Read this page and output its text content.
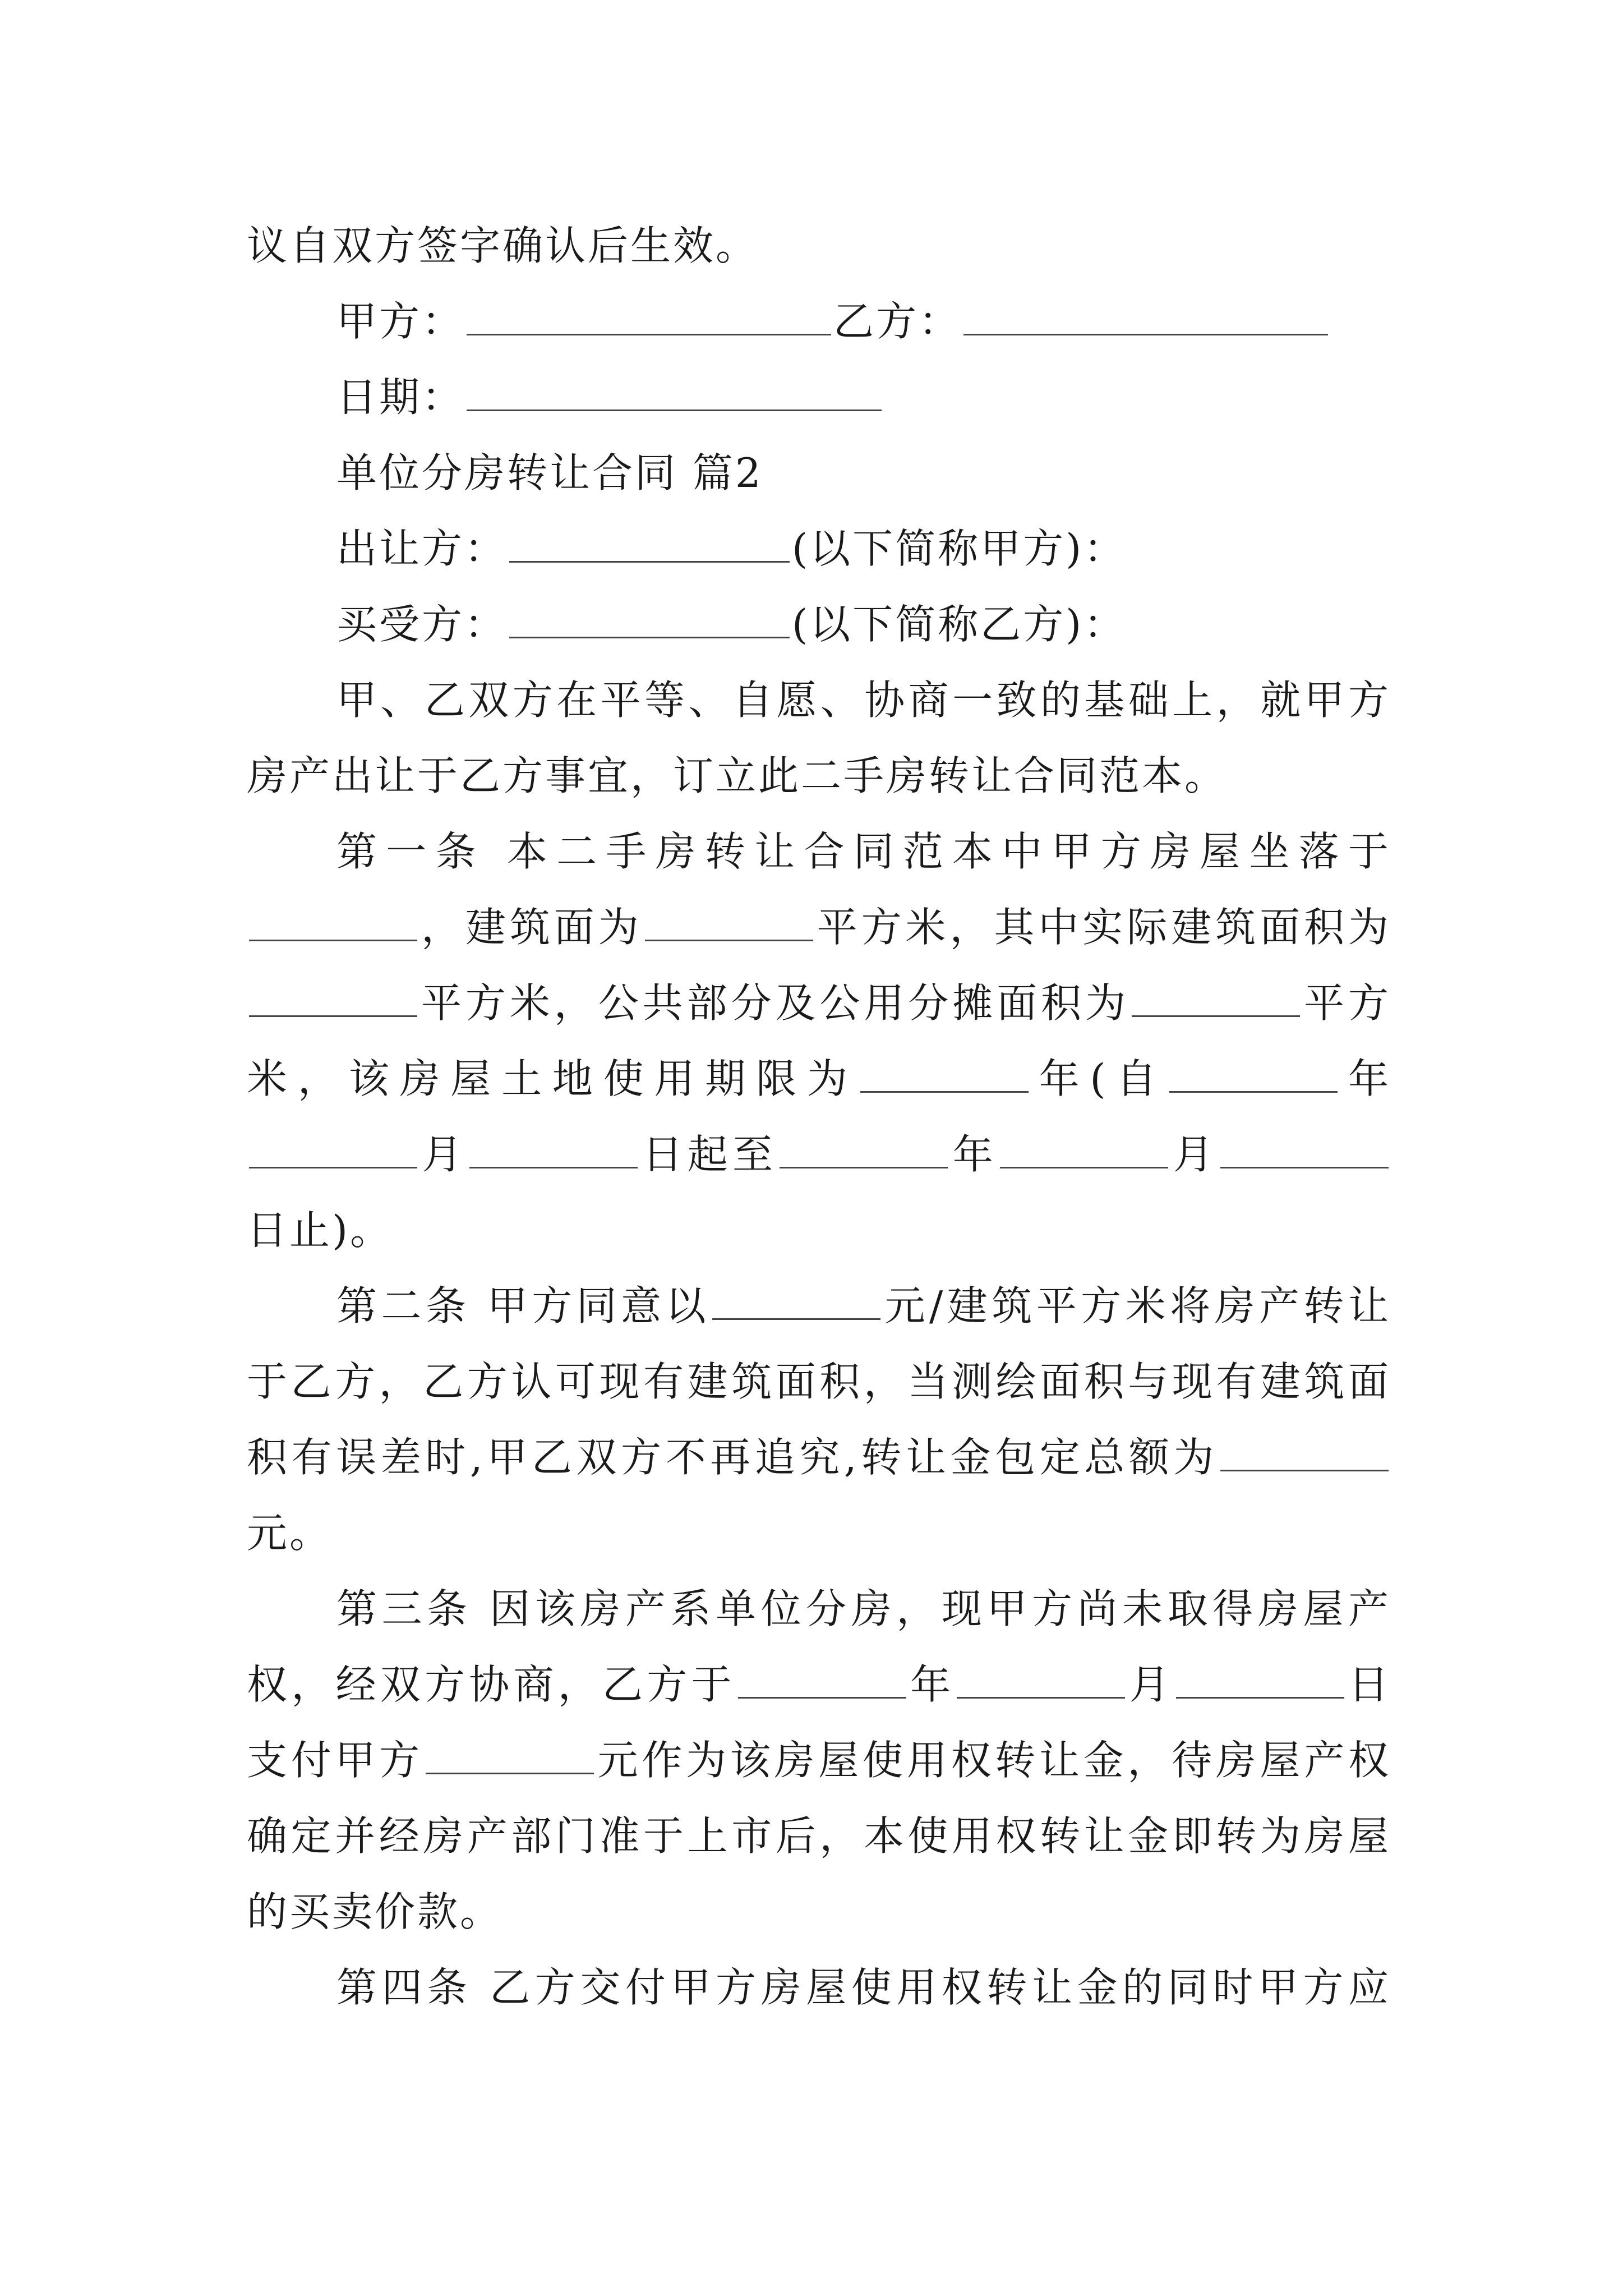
议自双方签字确认后生效。
甲方：	乙方：
日期：
单位分房转让合同 篇2
出让方：	(以下简称甲方)：
买受方：	(以下简称乙方)：
甲、乙双方在平等、自愿、协商一致的基础上，就甲方
房产出让于乙方事宜，订立此二手房转让合同范本。
第一条 本二手房转让合同范本中甲方房屋坐落于
，建筑面为	平方米，其中实际建筑面积为
平方米，公共部分及公用分摊面积为	平方
米，该房屋土地使用期限为	年(自	年
月	日起至	年	月
日止)。
第二条 甲方同意以	元/建筑平方米将房产转让
于乙方，乙方认可现有建筑面积，当测绘面积与现有建筑面
积有误差时,甲乙双方不再追究,转让金包定总额为
元。
第三条 因该房产系单位分房，现甲方尚未取得房屋产
权，经双方协商，乙方于	年	月	日
支付甲方	元作为该房屋使用权转让金，待房屋产权
确定并经房产部门准于上市后，本使用权转让金即转为房屋
的买卖价款。
第四条 乙方交付甲方房屋使用权转让金的同时甲方应
